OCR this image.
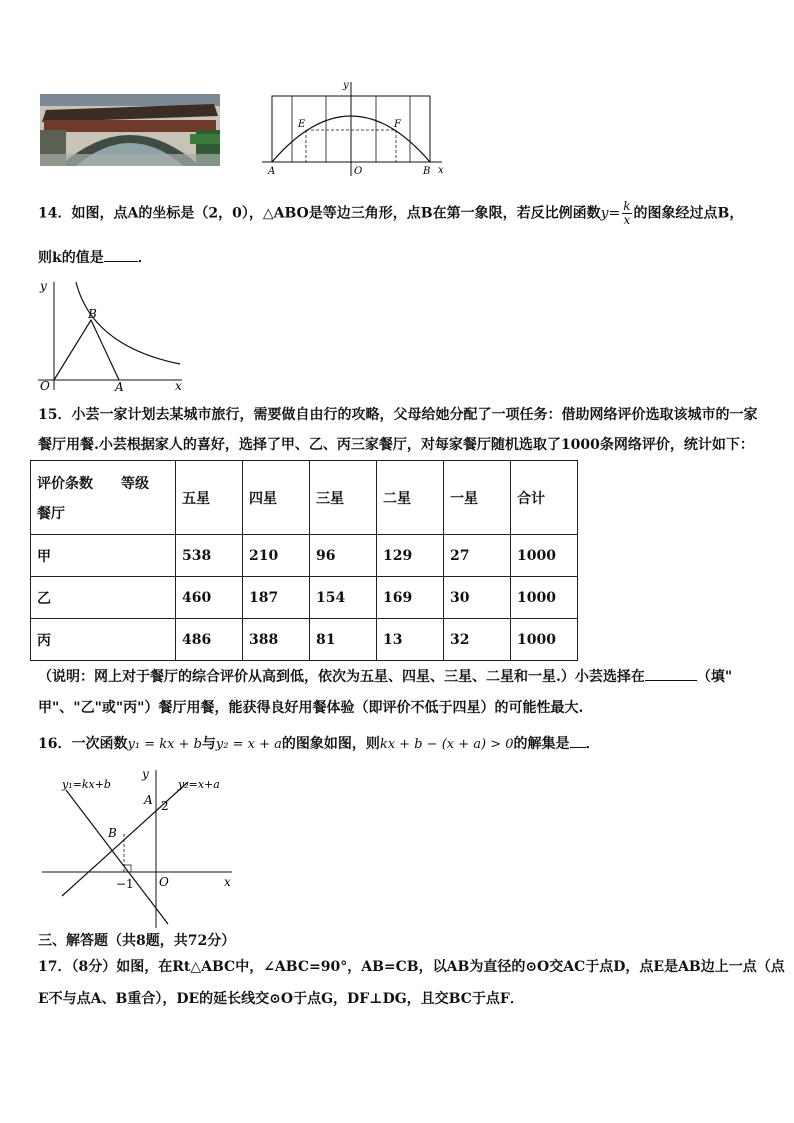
y
x
A	O	B
E	F
14．如图，点A的坐标是（2，0），△ABO是等边三角形，点B在第一象限，若反比例函数$y= \frac{k}{x}$ 的图象经过点B，
则k的值是 ．
y
x
O	A
B
15．小芸一家计划去某城市旅行，需要做自由行的攻略，父母给她分配了一项任务：借助网络评价选取该城市的一家
餐厅用餐.小芸根据家人的喜好，选择了甲、乙、丙三家餐厅，对每家餐厅随机选取了1000条网络评价，统计如下：
评价条数　　等级
餐厅	五星	四星	三星	二星	一星	合计
甲	538	210	96	129	27	1000
乙	460	187	154	169	30	1000
丙	486	388	81	13	32	1000
（说明：网上对于餐厅的综合评价从高到低，依次为五星、四星、三星、二星和一星.）小芸选择在	（填"
甲"、"乙"或"丙"）餐厅用餐，能获得良好用餐体验（即评价不低于四星）的可能性最大.
16．一次函数y₁ = kx + b与y₂ = x + a的图象如图，则kx + b − (x + a) > 0的解集是 ．
y₁=kx+b	y₂=x+a
y
x
A
B
O
2
−1
三、解答题（共8题，共72分）
17．（8分）如图，在Rt△ABC中，∠ABC=90°，AB=CB，以AB为直径的⊙O交AC于点D，点E是AB边上一点（点
E不与点A、B重合），DE的延长线交⊙O于点G，DF⊥DG，且交BC于点F．
